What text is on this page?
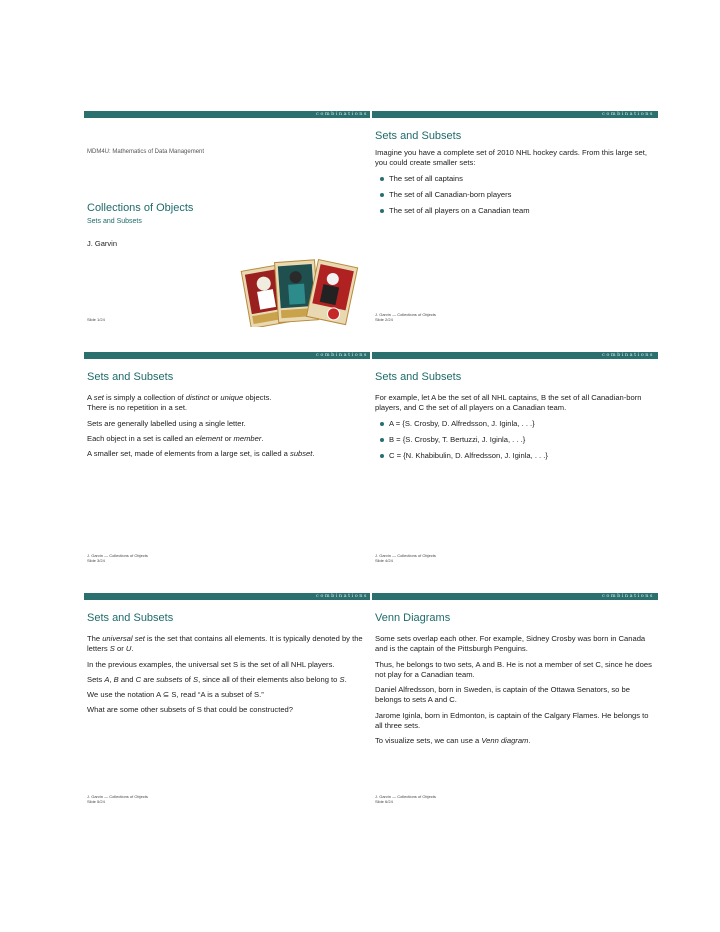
combinations
MDM4U: Mathematics of Data Management
Collections of Objects
Sets and Subsets
J. Garvin
Slide 1/24
combinations
Sets and Subsets

Imagine you have a complete set of 2010 NHL hockey cards. From this large set, you could create smaller sets:

The set of all captains
The set of all Canadian-born players
The set of all players on a Canadian team
J. Garvin — Collections of Objects
Slide 2/24
combinations
Sets and Subsets

A set is simply a collection of distinct or unique objects.

There is no repetition in a set.

Sets are generally labelled using a single letter.

Each object in a set is called an element or member.

A smaller set, made of elements from a large set, is called a subset.

J. Garvin — Collections of Objects
Slide 3/24
combinations
Sets and Subsets

For example, let A be the set of all NHL captains, B the set of all Canadian-born players, and C the set of all players on a Canadian team.

A = {S. Crosby, D. Alfredsson, J. Iginla, . . .}
B = {S. Crosby, T. Bertuzzi, J. Iginla, . . .}
C = {N. Khabibulin, D. Alfredsson, J. Iginla, . . .}
J. Garvin — Collections of Objects
Slide 4/24
combinations
Sets and Subsets

The universal set is the set that contains all elements. It is typically denoted by the letters S or U.

In the previous examples, the universal set S is the set of all NHL players.

Sets A, B and C are subsets of S, since all of their elements also belong to S.

We use the notation A ⊆ S, read “A is a subset of S.”

What are some other subsets of S that could be constructed?

J. Garvin — Collections of Objects
Slide 5/24
combinations
Venn Diagrams

Some sets overlap each other. For example, Sidney Crosby was born in Canada and is the captain of the Pittsburgh Penguins.

Thus, he belongs to two sets, A and B. He is not a member of set C, since he does not play for a Canadian team.

Daniel Alfredsson, born in Sweden, is captain of the Ottawa Senators, so be belongs to sets A and C.

Jarome Iginla, born in Edmonton, is captain of the Calgary Flames. He belongs to all three sets.

To visualize sets, we can use a Venn diagram.

J. Garvin — Collections of Objects
Slide 6/24
